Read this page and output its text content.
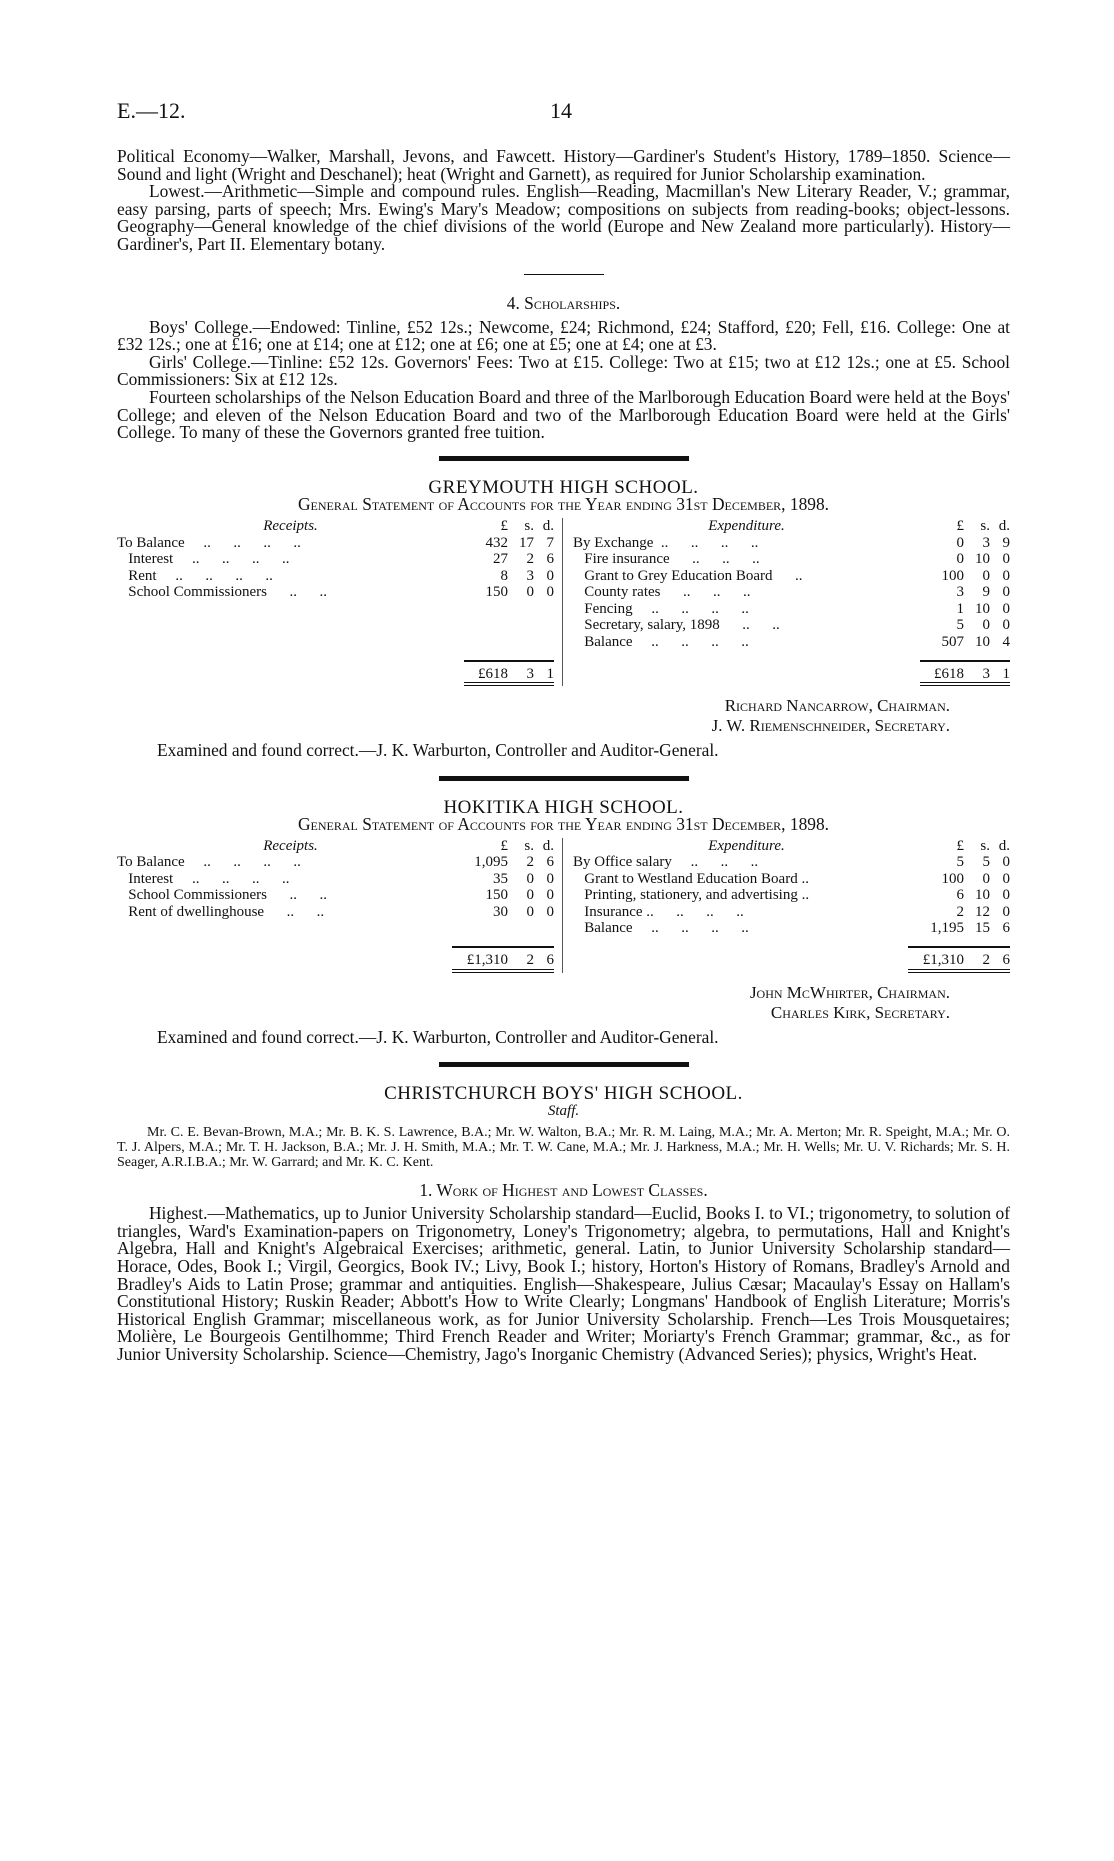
E.—12.	14

Political Economy—Walker, Marshall, Jevons, and Fawcett. History—Gardiner's Student's History, 1789–1850. Science—Sound and light (Wright and Deschanel); heat (Wright and Garnett), as required for Junior Scholarship examination.

Lowest.—Arithmetic—Simple and compound rules. English—Reading, Macmillan's New Literary Reader, V.; grammar, easy parsing, parts of speech; Mrs. Ewing's Mary's Meadow; compositions on subjects from reading-books; object-lessons. Geography—General knowledge of the chief divisions of the world (Europe and New Zealand more particularly). History—Gardiner's, Part II. Elementary botany.

4. Scholarships.

Boys' College.—Endowed: Tinline, £52 12s.; Newcome, £24; Richmond, £24; Stafford, £20; Fell, £16. College: One at £32 12s.; one at £16; one at £14; one at £12; one at £6; one at £5; one at £4; one at £3.

Girls' College.—Tinline: £52 12s. Governors' Fees: Two at £15. College: Two at £15; two at £12 12s.; one at £5. School Commissioners: Six at £12 12s.

Fourteen scholarships of the Nelson Education Board and three of the Marlborough Education Board were held at the Boys' College; and eleven of the Nelson Education Board and two of the Marlborough Education Board were held at the Girls' College. To many of these the Governors granted free tuition.

GREYMOUTH HIGH SCHOOL.
General Statement of Accounts for the Year ending 31st December, 1898.
Receipts.	£	s. d.
To Balance     ..      ..      ..      ..	432 17 7
Interest     ..      ..      ..      ..	27	2 6
Rent     ..      ..      ..      ..	8	3 0
School Commissioners      ..      ..	150	0 0
£618	3 1
Expenditure.	£	s. d.
By Exchange  ..      ..      ..      ..	0	3 9
Fire insurance      ..      ..      ..	0 10 0
Grant to Grey Education Board      ..	100	0 0
County rates      ..      ..      ..	3	9 0
Fencing     ..      ..      ..      ..	1 10 0
Secretary, salary, 1898      ..      ..	5	0 0
Balance     ..      ..      ..      ..	507 10 4
£618	3 1
Richard Nancarrow, Chairman.
J. W. Riemenschneider, Secretary.

Examined and found correct.—J. K. Warburton, Controller and Auditor-General.

HOKITIKA HIGH SCHOOL.
General Statement of Accounts for the Year ending 31st December, 1898.
Receipts.	£	s. d.
To Balance     ..      ..      ..      ..	1,095	2 6
Interest     ..      ..      ..      ..	35	0 0
School Commissioners      ..      ..	150	0 0
Rent of dwellinghouse      ..      ..	30	0 0
£1,310	2 6
Expenditure.	£	s. d.
By Office salary     ..      ..      ..	5	5 0
Grant to Westland Education Board ..	100	0 0
Printing, stationery, and advertising ..	6 10 0
Insurance ..      ..      ..      ..	2 12 0
Balance     ..      ..      ..      ..	1,195 15 6
£1,310	2 6
John McWhirter, Chairman.
Charles Kirk, Secretary.

Examined and found correct.—J. K. Warburton, Controller and Auditor-General.

CHRISTCHURCH BOYS' HIGH SCHOOL.

Staff.

Mr. C. E. Bevan-Brown, M.A.; Mr. B. K. S. Lawrence, B.A.; Mr. W. Walton, B.A.; Mr. R. M. Laing, M.A.; Mr. A. Merton; Mr. R. Speight, M.A.; Mr. O. T. J. Alpers, M.A.; Mr. T. H. Jackson, B.A.; Mr. J. H. Smith, M.A.; Mr. T. W. Cane, M.A.; Mr. J. Harkness, M.A.; Mr. H. Wells; Mr. U. V. Richards; Mr. S. H. Seager, A.R.I.B.A.; Mr. W. Garrard; and Mr. K. C. Kent.

1. Work of Highest and Lowest Classes.

Highest.—Mathematics, up to Junior University Scholarship standard—Euclid, Books I. to VI.; trigonometry, to solution of triangles, Ward's Examination-papers on Trigonometry, Loney's Trigonometry; algebra, to permutations, Hall and Knight's Algebra, Hall and Knight's Algebraical Exercises; arithmetic, general. Latin, to Junior University Scholarship standard—Horace, Odes, Book I.; Virgil, Georgics, Book IV.; Livy, Book I.; history, Horton's History of Romans, Bradley's Arnold and Bradley's Aids to Latin Prose; grammar and antiquities. English—Shakespeare, Julius Cæsar; Macaulay's Essay on Hallam's Constitutional History; Ruskin Reader; Abbott's How to Write Clearly; Longmans' Handbook of English Literature; Morris's Historical English Grammar; miscellaneous work, as for Junior University Scholarship. French—Les Trois Mousquetaires; Molière, Le Bourgeois Gentilhomme; Third French Reader and Writer; Moriarty's French Grammar; grammar, &c., as for Junior University Scholarship. Science—Chemistry, Jago's Inorganic Chemistry (Advanced Series); physics, Wright's Heat.
